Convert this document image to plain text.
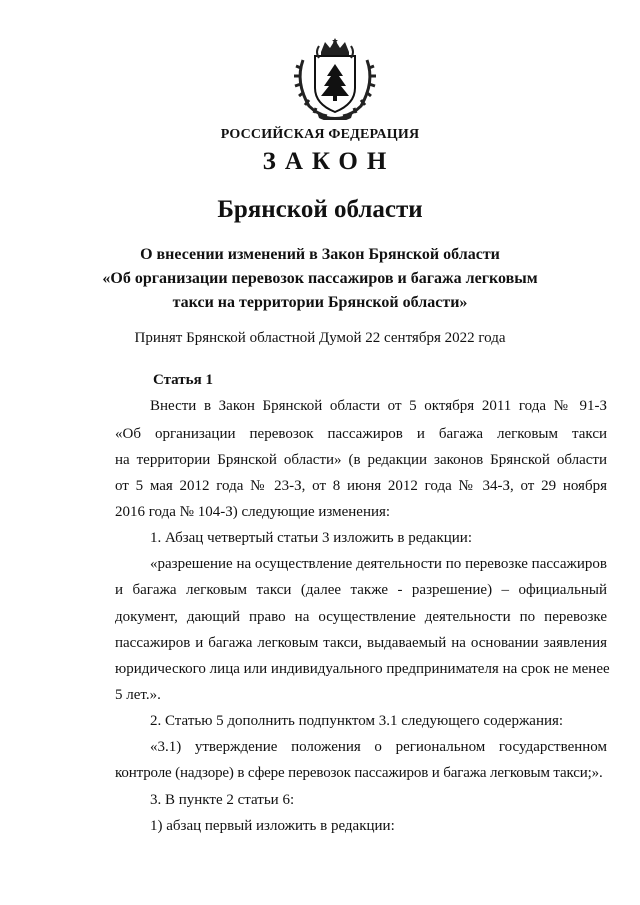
РОССИЙСКАЯ ФЕДЕРАЦИЯ
ЗАКОН
Брянской области
О внесении изменений в Закон Брянской области
«Об организации перевозок пассажиров и багажа легковым
такси на территории Брянской области»
Принят Брянской областной Думой 22 сентября 2022 года
Статья 1
Внести в Закон Брянской области от 5 октября 2011 года № 91-З
«Об организации перевозок пассажиров и багажа легковым такси
на территории Брянской области» (в редакции законов Брянской области
от 5 мая 2012 года № 23-З, от 8 июня 2012 года № 34-З, от 29 ноября
2016 года № 104-З) следующие изменения:
1. Абзац четвертый статьи 3 изложить в редакции:
«разрешение на осуществление деятельности по перевозке пассажиров
и багажа легковым такси (далее также - разрешение) – официальный
документ, дающий право на осуществление деятельности по перевозке
пассажиров и багажа легковым такси, выдаваемый на основании заявления
юридического лица или индивидуального предпринимателя на срок не менее
5 лет.».
2. Статью 5 дополнить подпунктом 3.1 следующего содержания:
«3.1) утверждение положения о региональном государственном
контроле (надзоре) в сфере перевозок пассажиров и багажа легковым такси;».
3. В пункте 2 статьи 6:
1) абзац первый изложить в редакции:
